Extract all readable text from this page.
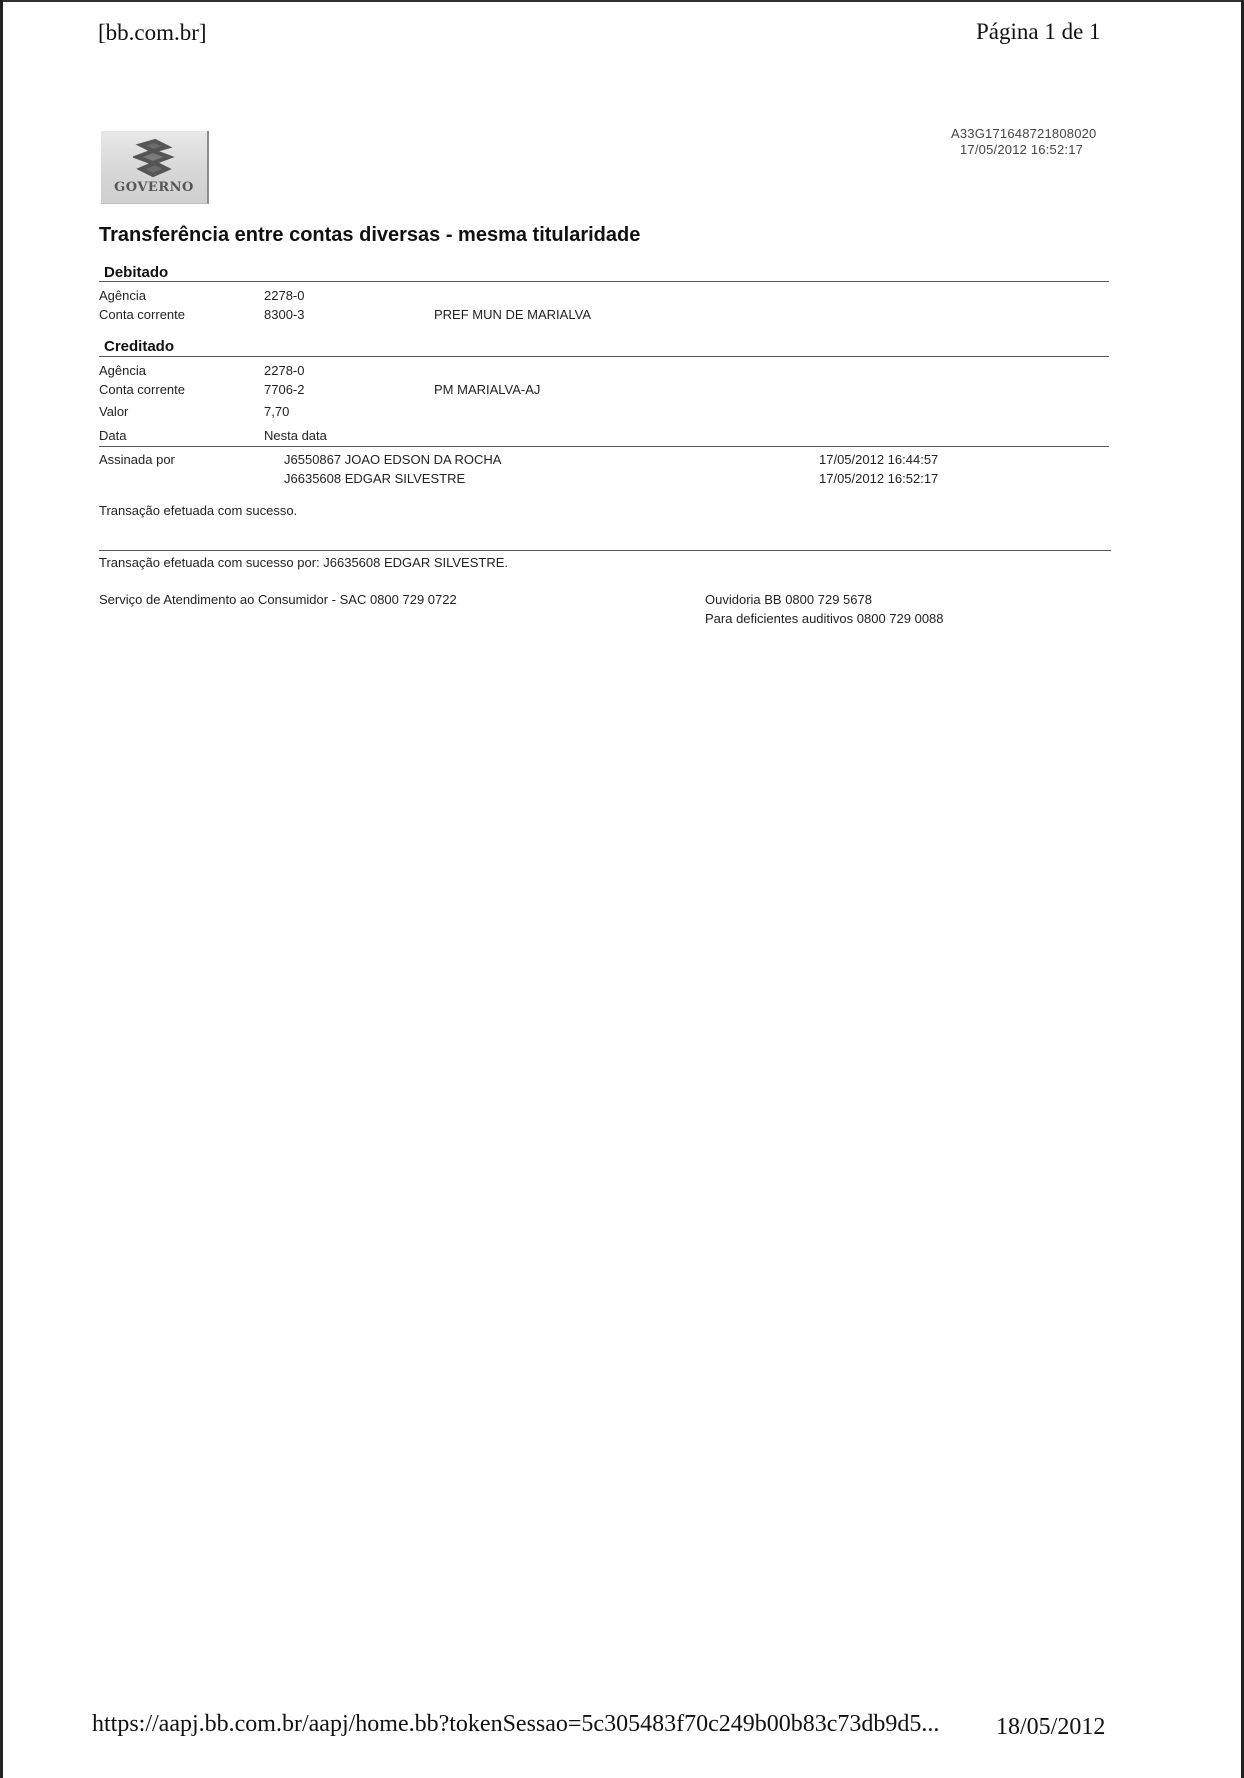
[bb.com.br]	Página 1 de 1
GOVERNO
A33G171648721808020
17/05/2012 16:52:17
Transferência entre contas diversas - mesma titularidade
Debitado
Agência	2278-0
Conta corrente	8300-3	PREF MUN DE MARIALVA
Creditado
Agência	2278-0
Conta corrente	7706-2	PM MARIALVA-AJ
Valor	7,70
Data	Nesta data
Assinada por	J6550867 JOAO EDSON DA ROCHA	17/05/2012 16:44:57
J6635608 EDGAR SILVESTRE	17/05/2012 16:52:17
Transação efetuada com sucesso.
Transação efetuada com sucesso por: J6635608 EDGAR SILVESTRE.
Serviço de Atendimento ao Consumidor - SAC 0800 729 0722	Ouvidoria BB 0800 729 5678
Para deficientes auditivos 0800 729 0088
https://aapj.bb.com.br/aapj/home.bb?tokenSessao=5c305483f70c249b00b83c73db9d5... 18/05/2012
